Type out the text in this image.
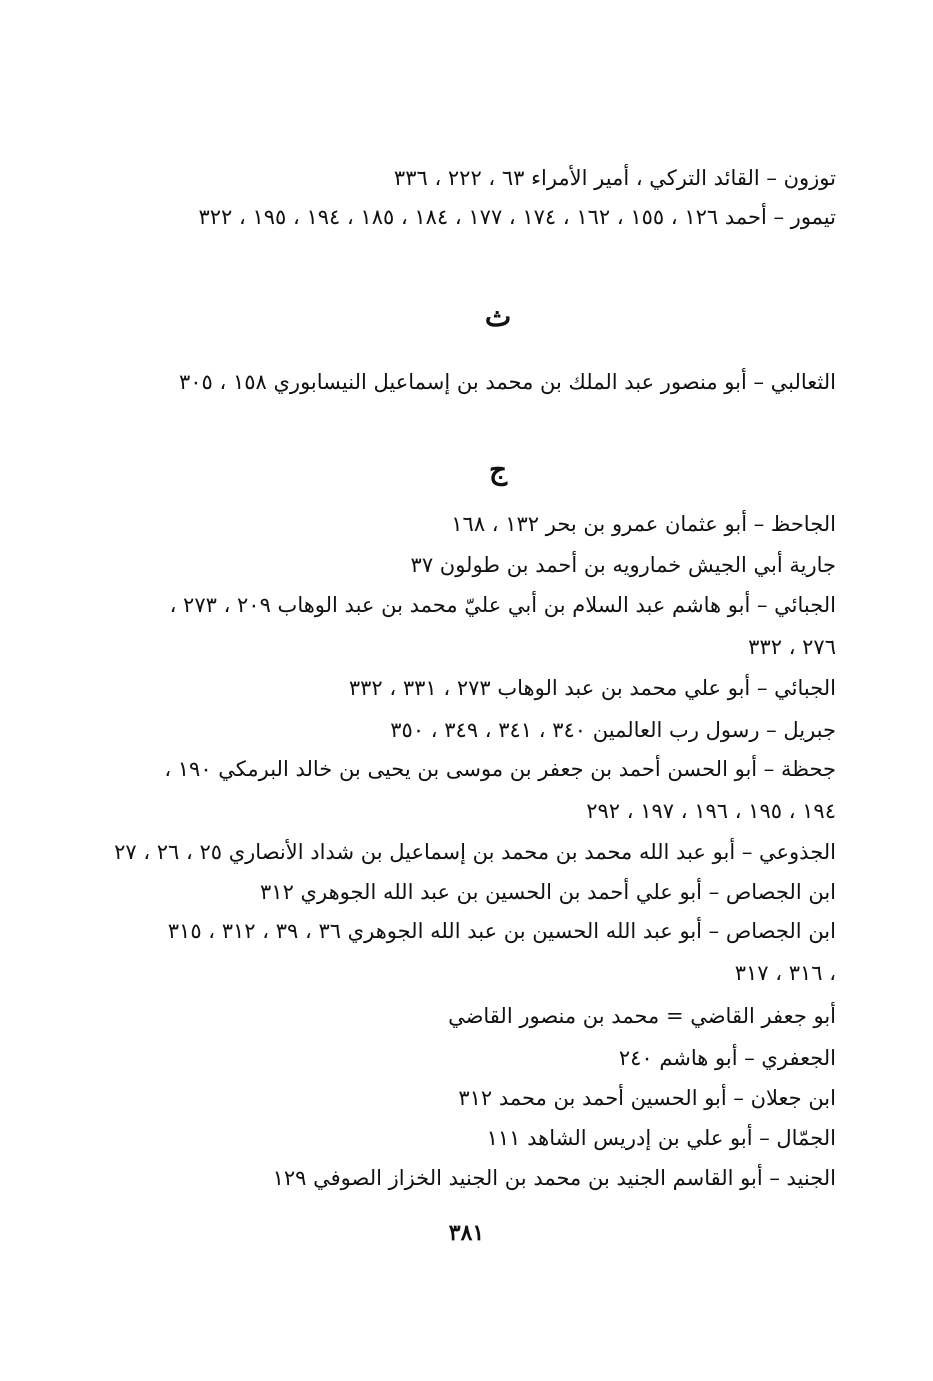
توزون – القائد التركي ، أمير الأمراء ٦٣ ، ٢٢٢ ، ٣٣٦
تيمور – أحمد ١٢٦ ، ١٥٥ ، ١٦٢ ، ١٧٤ ، ١٧٧ ، ١٨٤ ، ١٨٥ ، ١٩٤ ، ١٩٥ ، ٣٢٢
ث
الثعالبي – أبو منصور عبد الملك بن محمد بن إسماعيل النيسابوري ١٥٨ ، ٣٠٥
ج
الجاحظ – أبو عثمان عمرو بن بحر ١٣٢ ، ١٦٨
جارية أبي الجيش خمارويه بن أحمد بن طولون ٣٧
الجبائي – أبو هاشم عبد السلام بن أبي عليّ محمد بن عبد الوهاب ٢٠٩ ، ٢٧٣ ، ٢٧٦ ، ٣٣٢
الجبائي – أبو علي محمد بن عبد الوهاب ٢٧٣ ، ٣٣١ ، ٣٣٢
جبريل – رسول رب العالمين ٣٤٠ ، ٣٤١ ، ٣٤٩ ، ٣٥٠
جحظة – أبو الحسن أحمد بن جعفر بن موسى بن يحيى بن خالد البرمكي ١٩٠ ، ١٩٤ ، ١٩٥ ، ١٩٦ ، ١٩٧ ، ٢٩٢
الجذوعي – أبو عبد الله محمد بن محمد بن إسماعيل بن شداد الأنصاري ٢٥ ، ٢٦ ، ٢٧
ابن الجصاص – أبو علي أحمد بن الحسين بن عبد الله الجوهري ٣١٢
ابن الجصاص – أبو عبد الله الحسين بن عبد الله الجوهري ٣٦ ، ٣٩ ، ٣١٢ ، ٣١٥ ، ٣١٦ ، ٣١٧
أبو جعفر القاضي = محمد بن منصور القاضي
الجعفري – أبو هاشم ٢٤٠
ابن جعلان – أبو الحسين أحمد بن محمد ٣١٢
الجمّال – أبو علي بن إدريس الشاهد ١١١
الجنيد – أبو القاسم الجنيد بن محمد بن الجنيد الخزاز الصوفي ١٢٩
٣٨١
